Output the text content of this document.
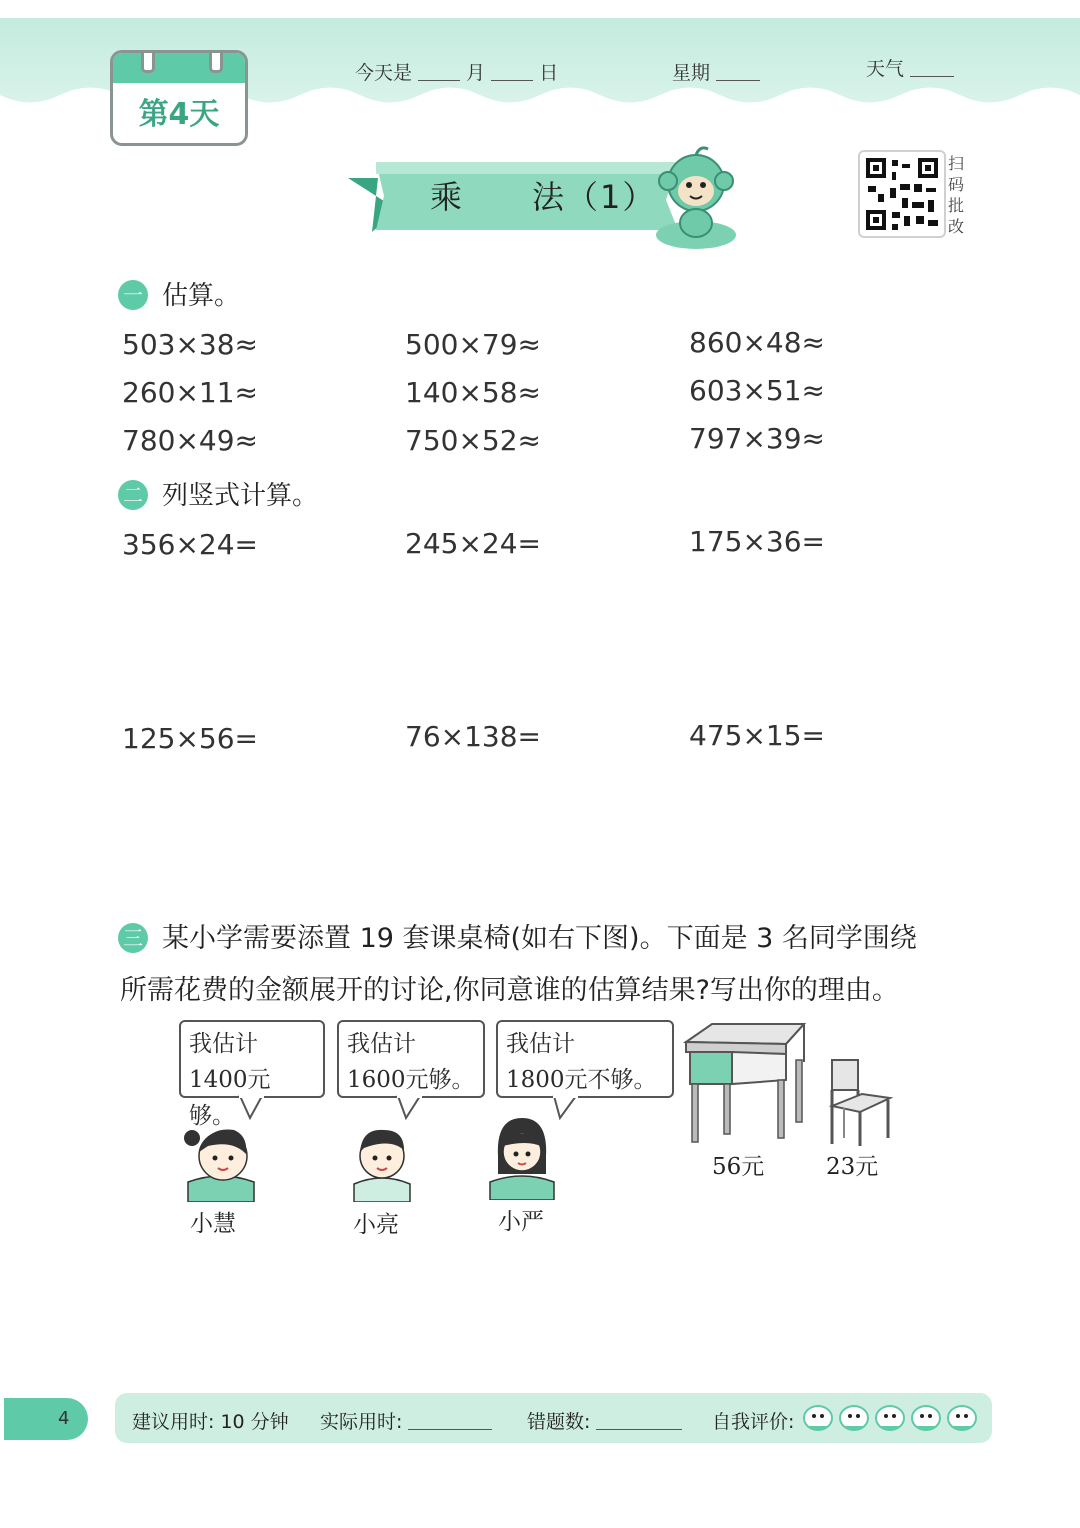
第4天
今天是	月	日	星期	天气
乘　　法（1）
扫码批改
一 估算。
503×38≈	500×79≈	860×48≈
260×11≈	140×58≈	603×51≈
780×49≈	750×52≈	797×39≈
二 列竖式计算。
356×24=	245×24=	175×36=
125×56=	76×138=	475×15=
三 某小学需要添置 19 套课桌椅(如右下图)。下面是 3 名同学围绕
所需花费的金额展开的讨论,你同意谁的估算结果?写出你的理由。
我估计
1400元够。
我估计
1600元够。
我估计
1800元不够。
小慧	小亮	小严
56元	23元
4	建议用时: 10 分钟 实际用时:	错题数:	自我评价:
